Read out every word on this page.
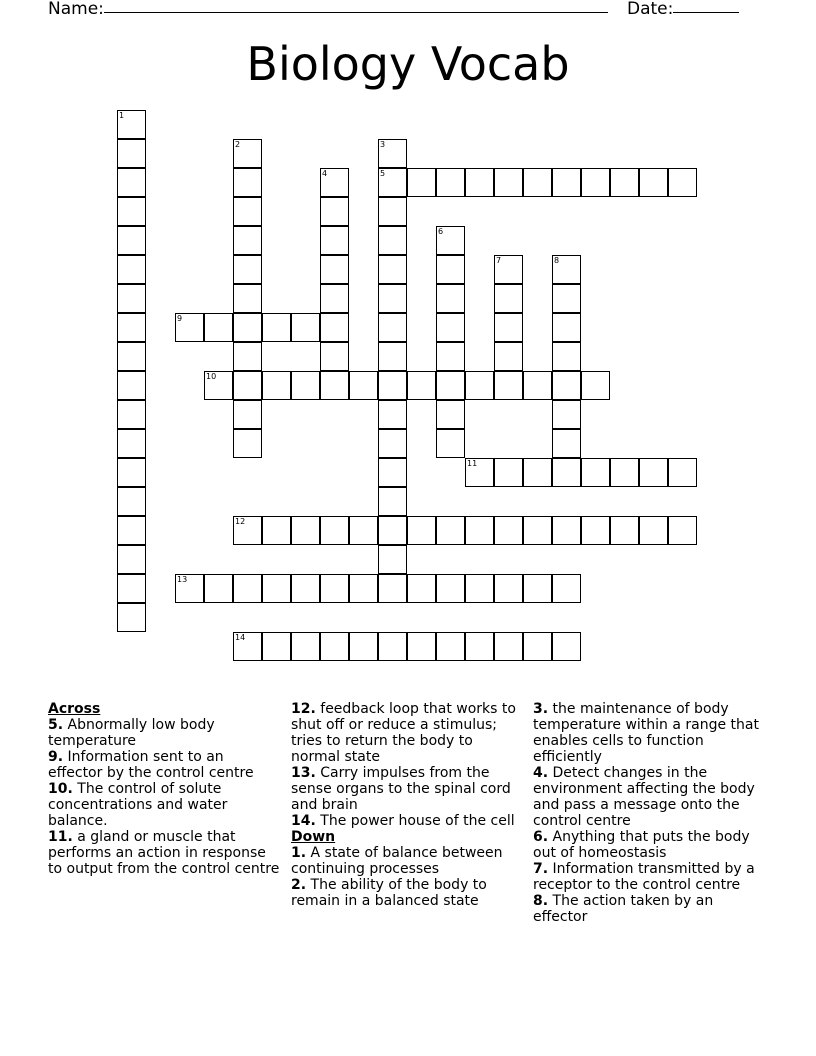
Name:	Date:
Biology Vocab
1
2	3
4	5
6
7	8
9
10
11
12
13
14
Across

5. Abnormally low body temperature

9. Information sent to an effector by the control centre

10. The control of solute concentrations and water balance.

11. a gland or muscle that performs an action in response to output from the control centre

12. feedback loop that works to shut off or reduce a stimulus; tries to return the body to normal state

13. Carry impulses from the sense organs to the spinal cord and brain

14. The power house of the cell

Down

1. A state of balance between continuing processes

2. The ability of the body to remain in a balanced state

3. the maintenance of body temperature within a range that enables cells to function efficiently

4. Detect changes in the environment affecting the body and pass a message onto the control centre

6. Anything that puts the body out of homeostasis

7. Information transmitted by a receptor to the control centre

8. The action taken by an effector
